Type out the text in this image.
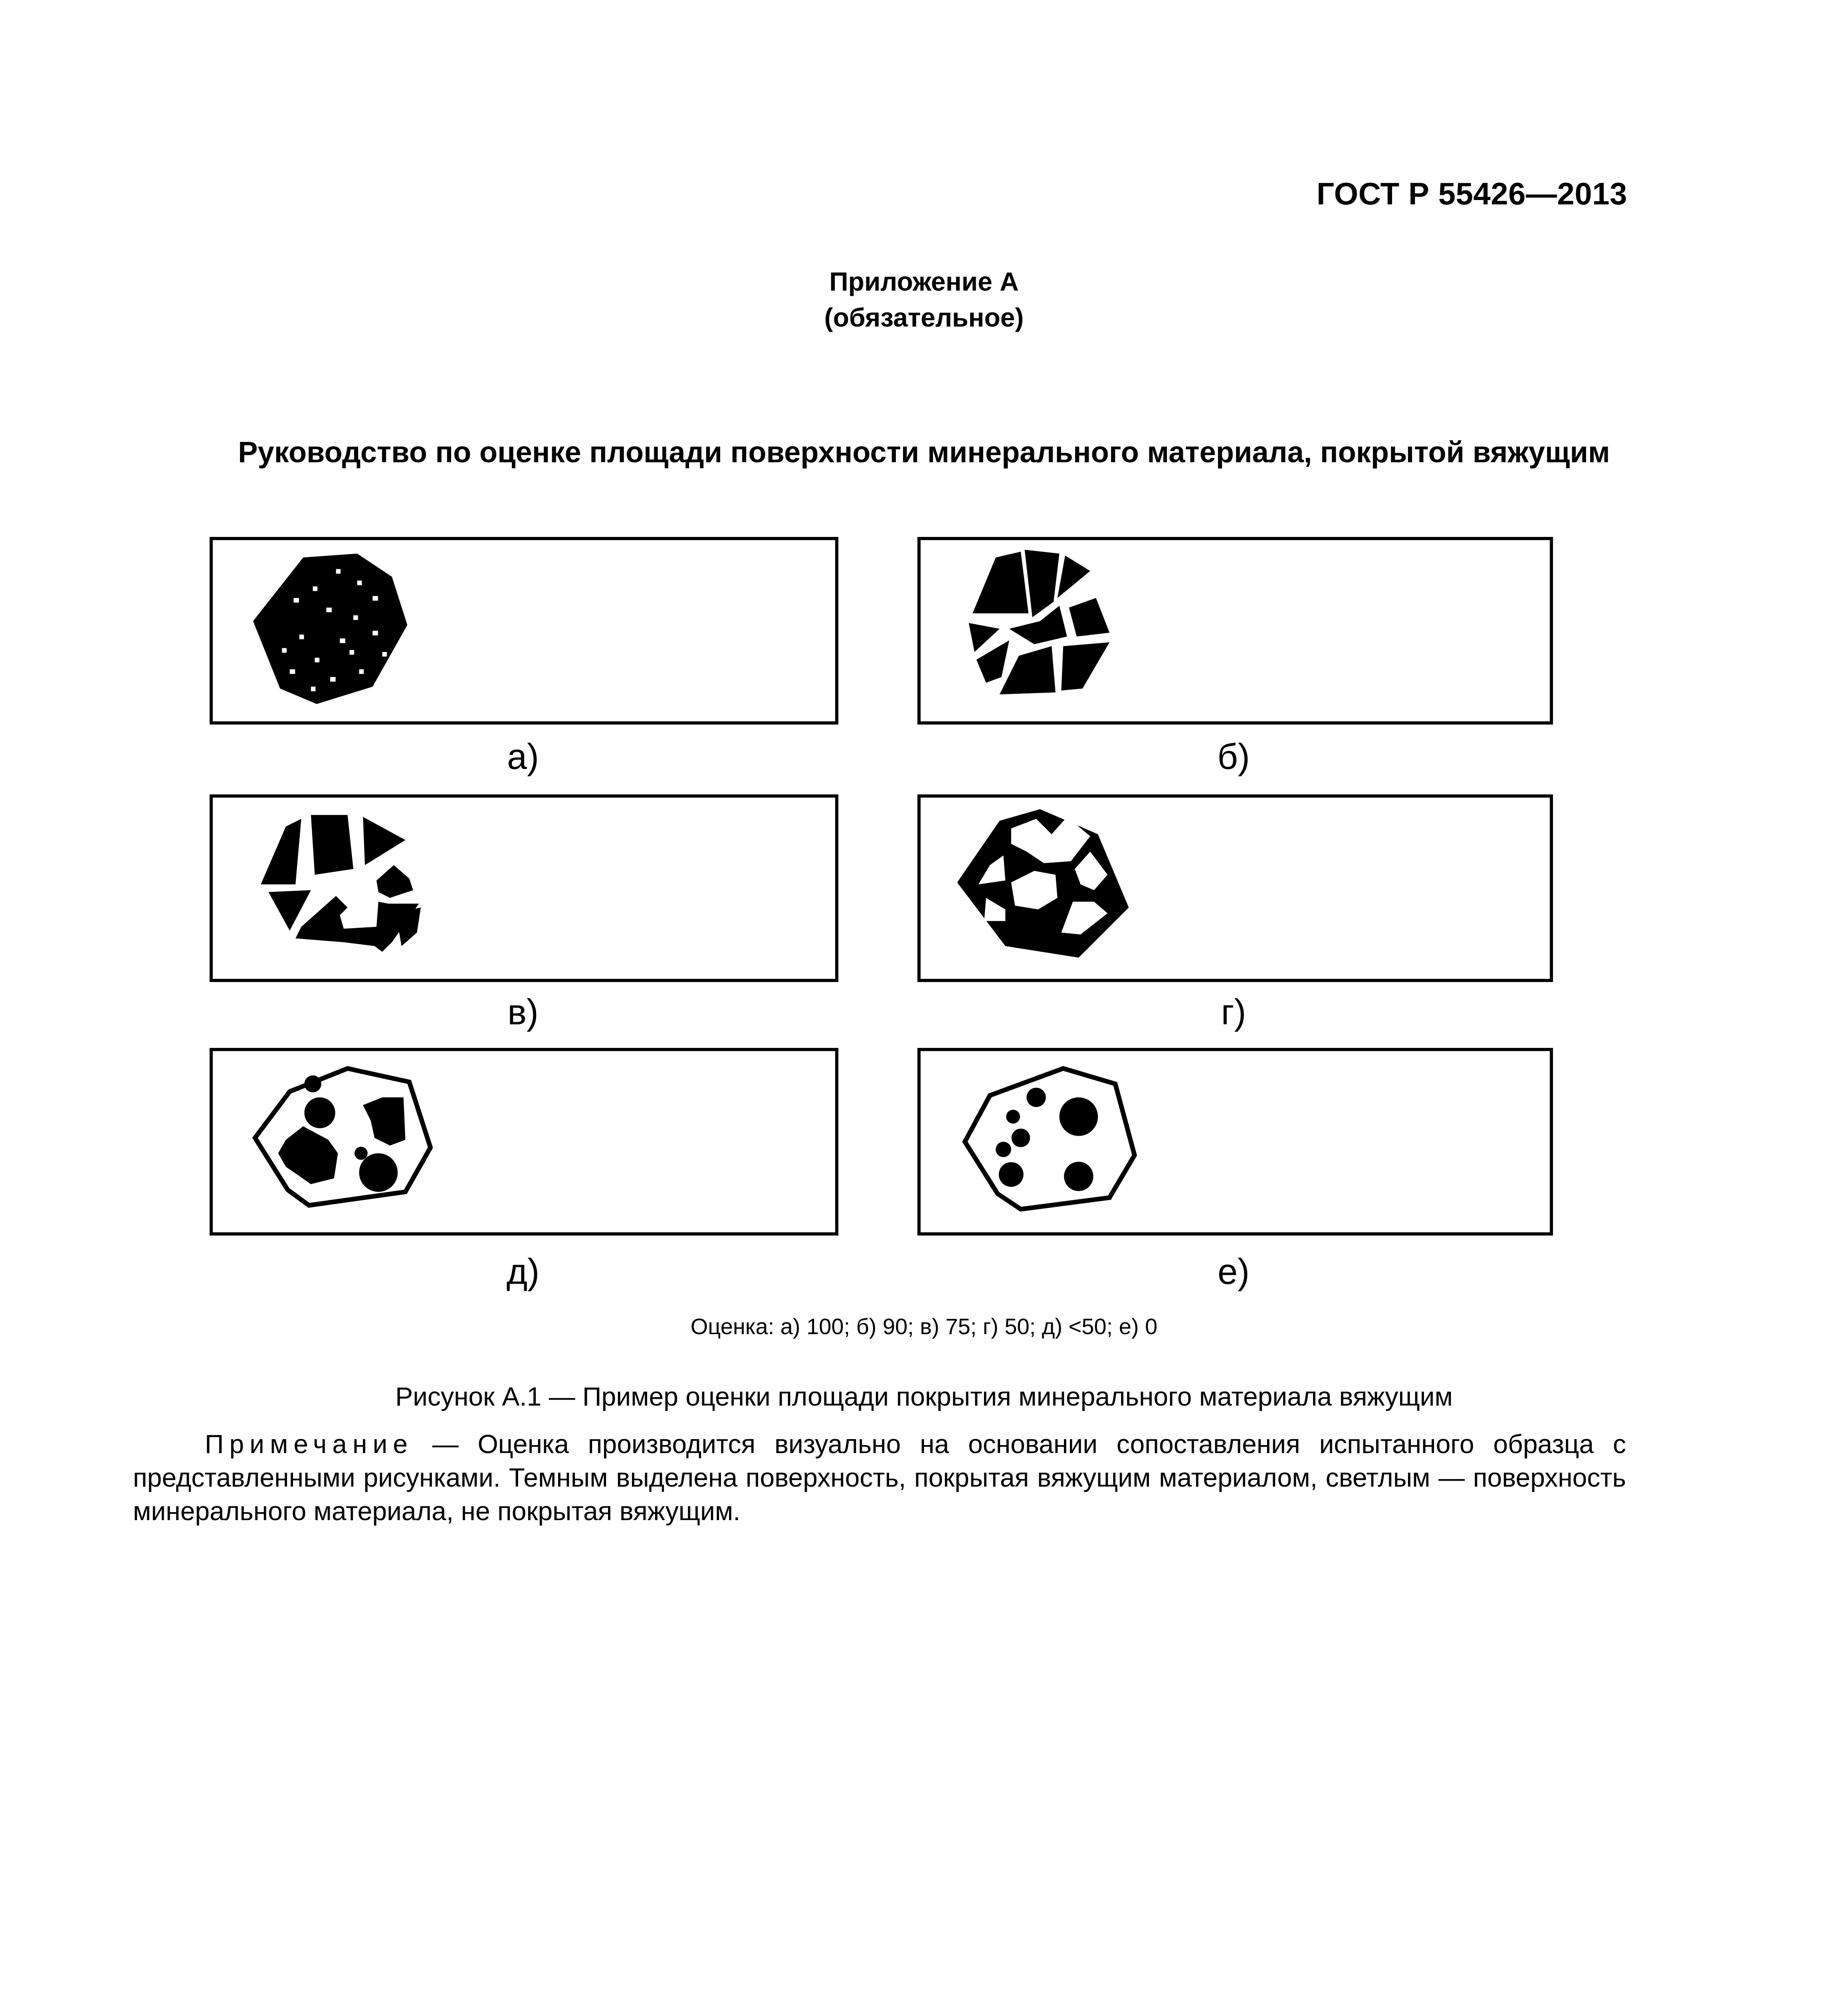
ГОСТ Р 55426—2013
Приложение А
(обязательное)
Руководство по оценке площади поверхности минерального материала, покрытой вяжущим
а)	б)
в)	г)
д)	е)
Оценка: а) 100; б) 90; в) 75; г) 50; д) <50; е) 0
Рисунок А.1 — Пример оценки площади покрытия минерального материала вяжущим
Примечание — Оценка производится визуально на основании сопоставления испытанного образца с представленными рисунками. Темным выделена поверхность, покрытая вяжущим материалом, светлым — поверхность минерального материала, не покрытая вяжущим.
